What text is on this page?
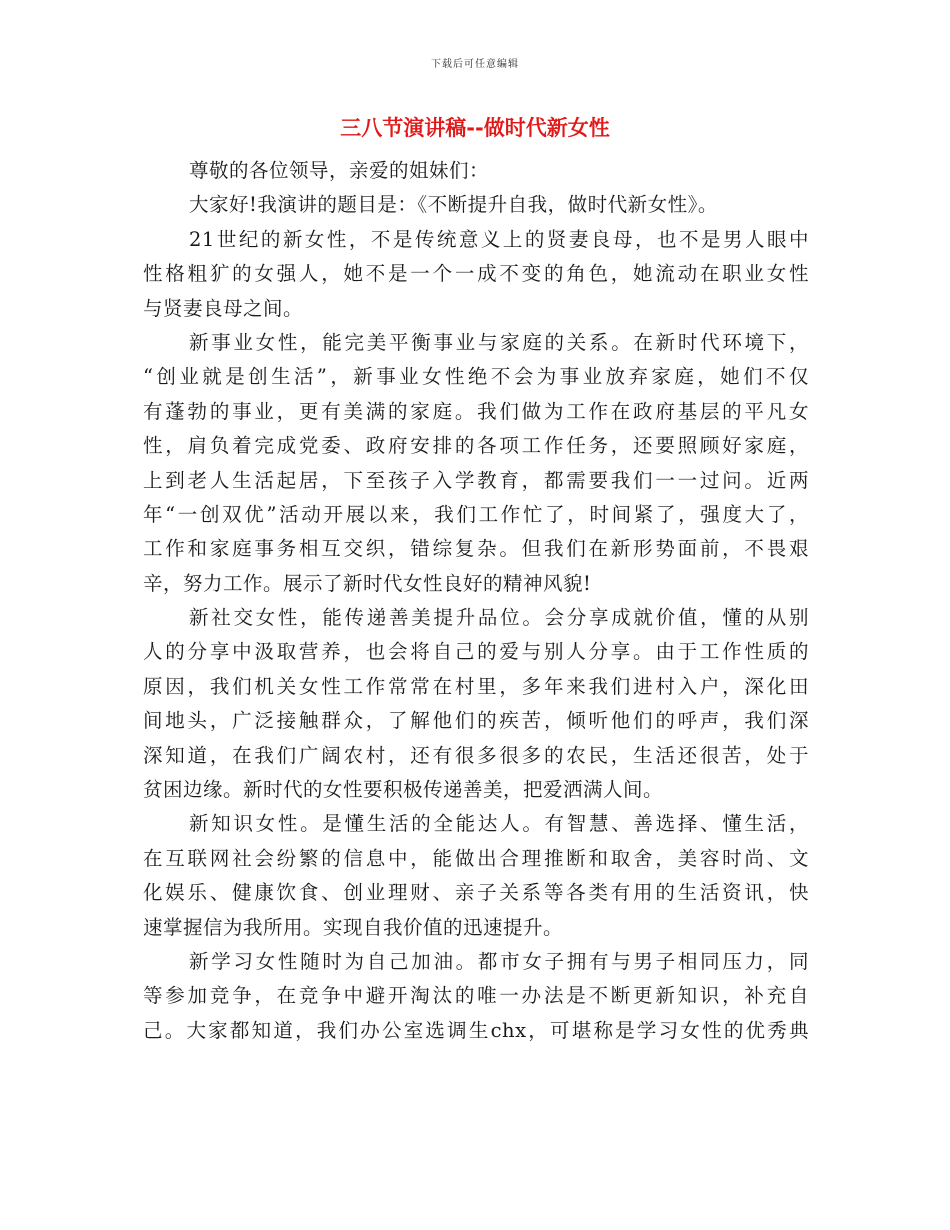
下载后可任意编辑
三八节演讲稿--做时代新女性
尊敬的各位领导，亲爱的姐妹们：
大家好!我演讲的题目是：《不断提升自我，做时代新女性》。
21世纪的新女性，不是传统意义上的贤妻良母，也不是男人眼中
性格粗犷的女强人，她不是一个一成不变的角色，她流动在职业女性
与贤妻良母之间。
新事业女性，能完美平衡事业与家庭的关系。在新时代环境下，
“创业就是创生活”，新事业女性绝不会为事业放弃家庭，她们不仅
有蓬勃的事业，更有美满的家庭。我们做为工作在政府基层的平凡女
性，肩负着完成党委、政府安排的各项工作任务，还要照顾好家庭，
上到老人生活起居，下至孩子入学教育，都需要我们一一过问。近两
年“一创双优”活动开展以来，我们工作忙了，时间紧了，强度大了，
工作和家庭事务相互交织，错综复杂。但我们在新形势面前，不畏艰
辛，努力工作。展示了新时代女性良好的精神风貌!
新社交女性，能传递善美提升品位。会分享成就价值，懂的从别
人的分享中汲取营养，也会将自己的爱与别人分享。由于工作性质的
原因，我们机关女性工作常常在村里，多年来我们进村入户，深化田
间地头，广泛接触群众，了解他们的疾苦，倾听他们的呼声，我们深
深知道，在我们广阔农村，还有很多很多的农民，生活还很苦，处于
贫困边缘。新时代的女性要积极传递善美，把爱洒满人间。
新知识女性。是懂生活的全能达人。有智慧、善选择、懂生活，
在互联网社会纷繁的信息中，能做出合理推断和取舍，美容时尚、文
化娱乐、健康饮食、创业理财、亲子关系等各类有用的生活资讯，快
速掌握信为我所用。实现自我价值的迅速提升。
新学习女性随时为自己加油。都市女子拥有与男子相同压力，同
等参加竞争，在竞争中避开淘汰的唯一办法是不断更新知识，补充自
己。大家都知道，我们办公室选调生chx，可堪称是学习女性的优秀典
